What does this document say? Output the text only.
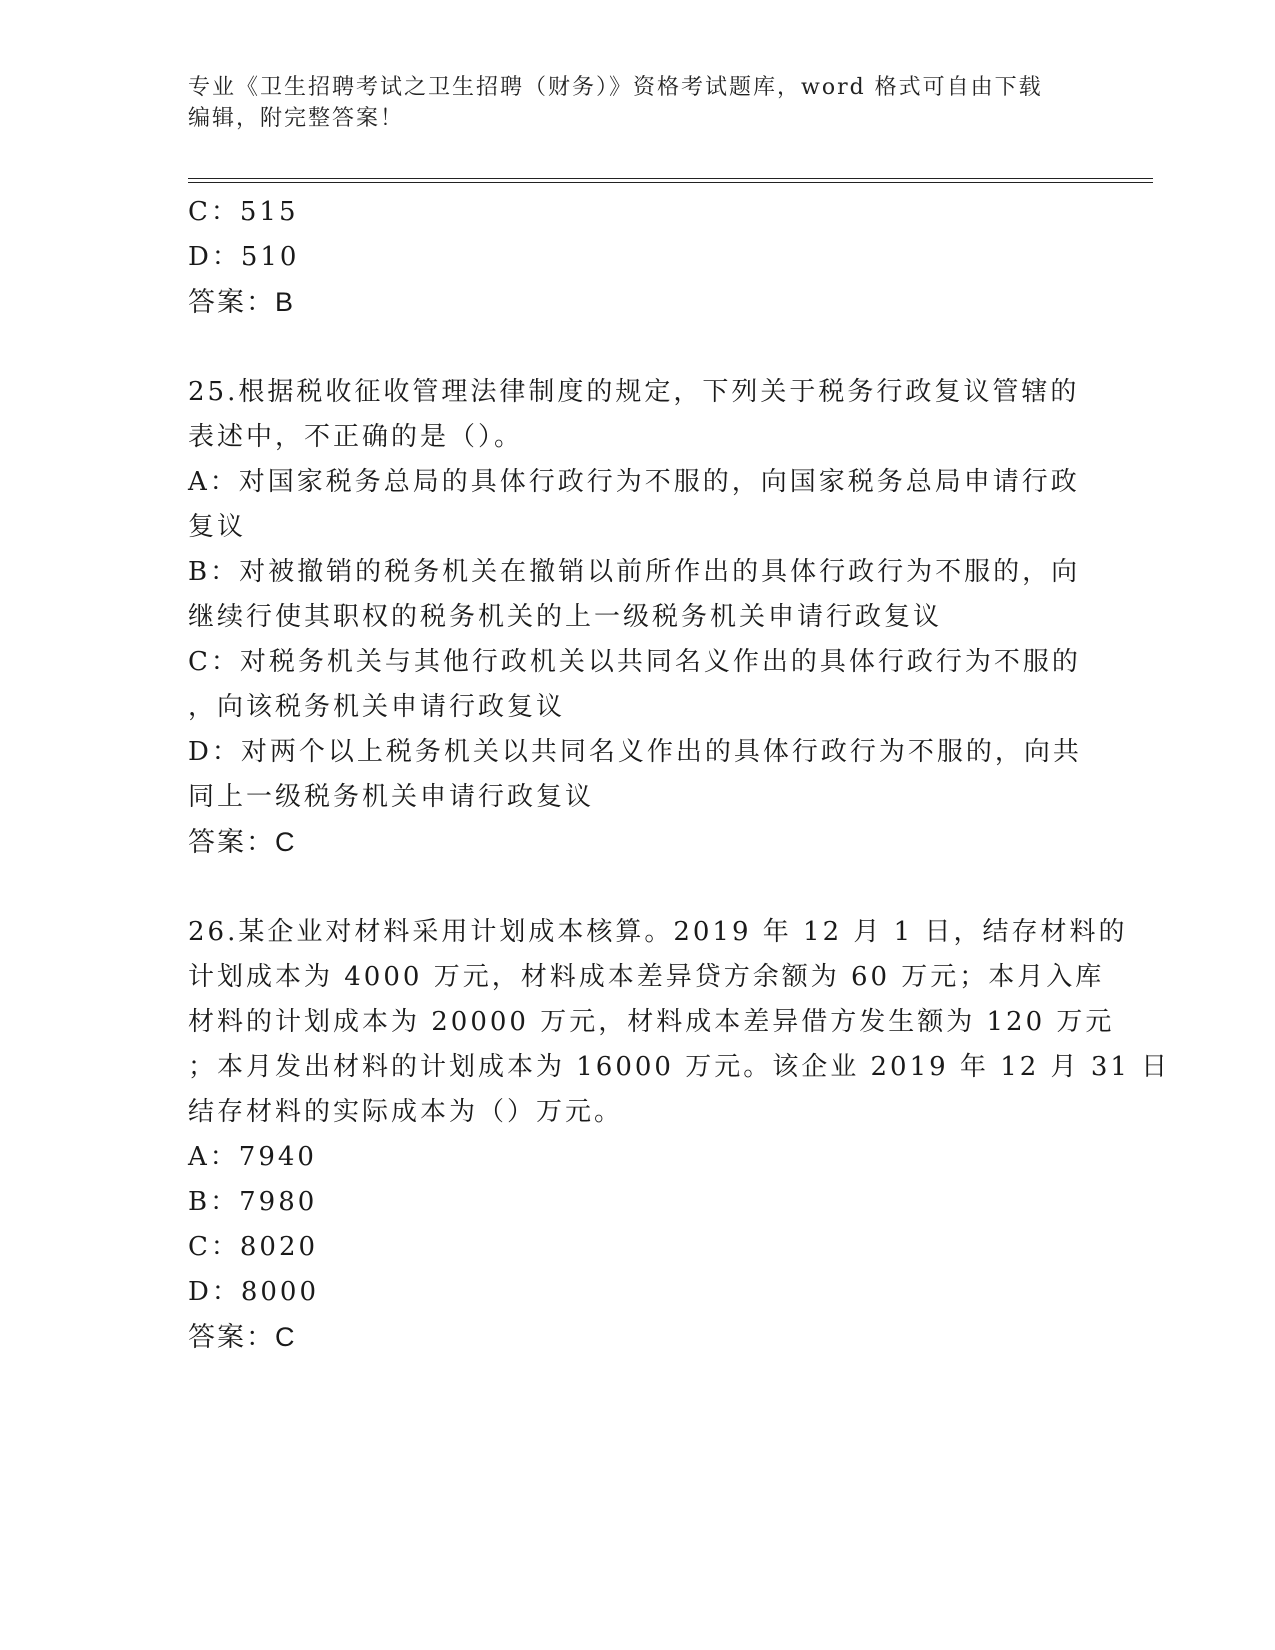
专业《卫生招聘考试之卫生招聘（财务）》资格考试题库，word 格式可自由下载
编辑，附完整答案！

C：515

D：510

答案：B

25.根据税收征收管理法律制度的规定，下列关于税务行政复议管辖的

表述中，不正确的是（）。

A：对国家税务总局的具体行政行为不服的，向国家税务总局申请行政

复议

B：对被撤销的税务机关在撤销以前所作出的具体行政行为不服的，向

继续行使其职权的税务机关的上一级税务机关申请行政复议

C：对税务机关与其他行政机关以共同名义作出的具体行政行为不服的

，向该税务机关申请行政复议

D：对两个以上税务机关以共同名义作出的具体行政行为不服的，向共

同上一级税务机关申请行政复议

答案：C

26.某企业对材料采用计划成本核算。2019 年 12 月 1 日，结存材料的

计划成本为 4000 万元，材料成本差异贷方余额为 60 万元；本月入库

材料的计划成本为 20000 万元，材料成本差异借方发生额为 120 万元

；本月发出材料的计划成本为 16000 万元。该企业 2019 年 12 月 31 日

结存材料的实际成本为（）万元。

A：7940

B：7980

C：8020

D：8000

答案：C
